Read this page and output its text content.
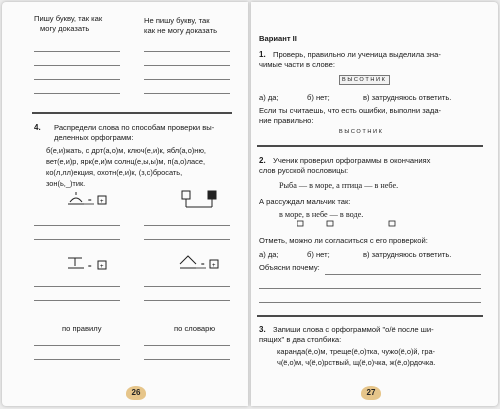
Пишу букву, так как
могу доказать
Не пишу букву, так
как не могу доказать
4. Распредели слова по способам проверки вы-
деленных орфограмм:
б(е,и)жать, с дрт(а,о)м, ключ(е,и)к, ябл(а,о)ню,
вет(е,и)р, ярк(е,и)м солнц(е,ы,ы)м, п(а,о)ласе,
ко(л,лл)екция, охотн(е,и)к, (з,с)бросать,
зон(ь,_)тик.
= +
= +	= +
по правилу	по словарю
26
Вариант II
1. Проверь, правильно ли ученица выделила зна-
чимые части в слове:
ВЫСОТНИК
а) да;	б) нет;	в) затрудняюсь ответить.
Если ты считаешь, что есть ошибки, выполни зада-
ние правильно:
ВЫСОТНИК
2. Ученик проверил орфограммы в окончаниях
слов русской пословицы:
Рыба — в море, а птица — в небе.
А рассуждал мальчик так:
в море, в небе — в воде.
Отметь, можно ли согласиться с его проверкой:
а) да;	б) нет;	в) затрудняюсь ответить.
Объясни почему:
3. Запиши слова с орфограммой "о/ё после ши-
пящих" в два столбика:
каранда(ё,о)м, треще(ё,о)тка, чужо(ё,о)й, гра-
ч(ё,о)м, ч(ё,о)рствый, щ(ё,о)чка, ж(ё,о)рдочка.
27
